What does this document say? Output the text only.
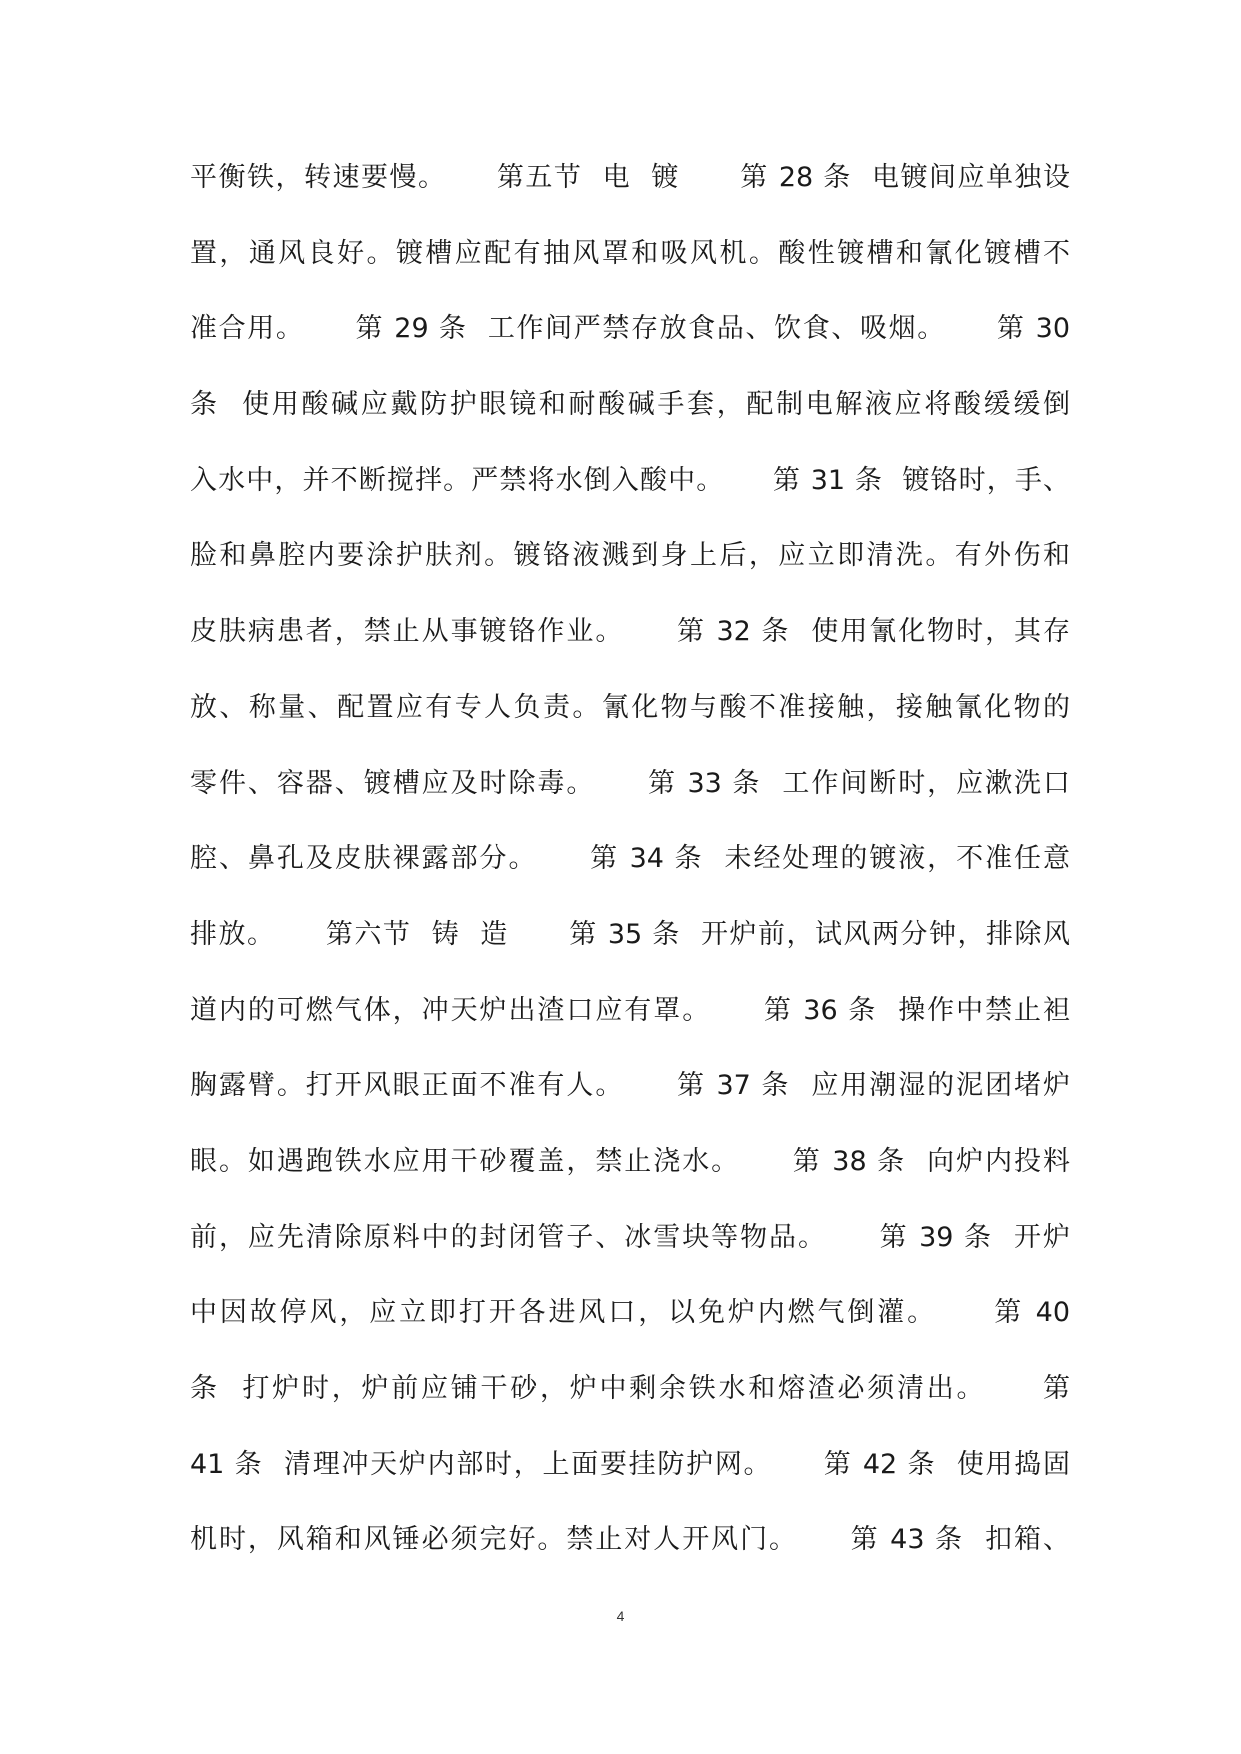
平衡铁，转速要慢。     第五节  电  镀      第 28 条  电镀间应单独设
置，通风良好。镀槽应配有抽风罩和吸风机。酸性镀槽和氰化镀槽不
准合用。     第 29 条  工作间严禁存放食品、饮食、吸烟。     第 30
条  使用酸碱应戴防护眼镜和耐酸碱手套，配制电解液应将酸缓缓倒
入水中，并不断搅拌。严禁将水倒入酸中。     第 31 条  镀铬时，手、
脸和鼻腔内要涂护肤剂。镀铬液溅到身上后，应立即清洗。有外伤和
皮肤病患者，禁止从事镀铬作业。     第 32 条  使用氰化物时，其存
放、称量、配置应有专人负责。氰化物与酸不准接触，接触氰化物的
零件、容器、镀槽应及时除毒。     第 33 条  工作间断时，应漱洗口
腔、鼻孔及皮肤裸露部分。     第 34 条  未经处理的镀液，不准任意
排放。     第六节  铸  造      第 35 条  开炉前，试风两分钟，排除风
道内的可燃气体，冲天炉出渣口应有罩。     第 36 条  操作中禁止袒
胸露臂。打开风眼正面不准有人。     第 37 条  应用潮湿的泥团堵炉
眼。如遇跑铁水应用干砂覆盖，禁止浇水。     第 38 条  向炉内投料
前，应先清除原料中的封闭管子、冰雪块等物品。     第 39 条  开炉
中因故停风，应立即打开各进风口，以免炉内燃气倒灌。     第 40
条  打炉时，炉前应铺干砂，炉中剩余铁水和熔渣必须清出。     第
41 条  清理冲天炉内部时，上面要挂防护网。     第 42 条  使用捣固
机时，风箱和风锤必须完好。禁止对人开风门。     第 43 条  扣箱、
4
